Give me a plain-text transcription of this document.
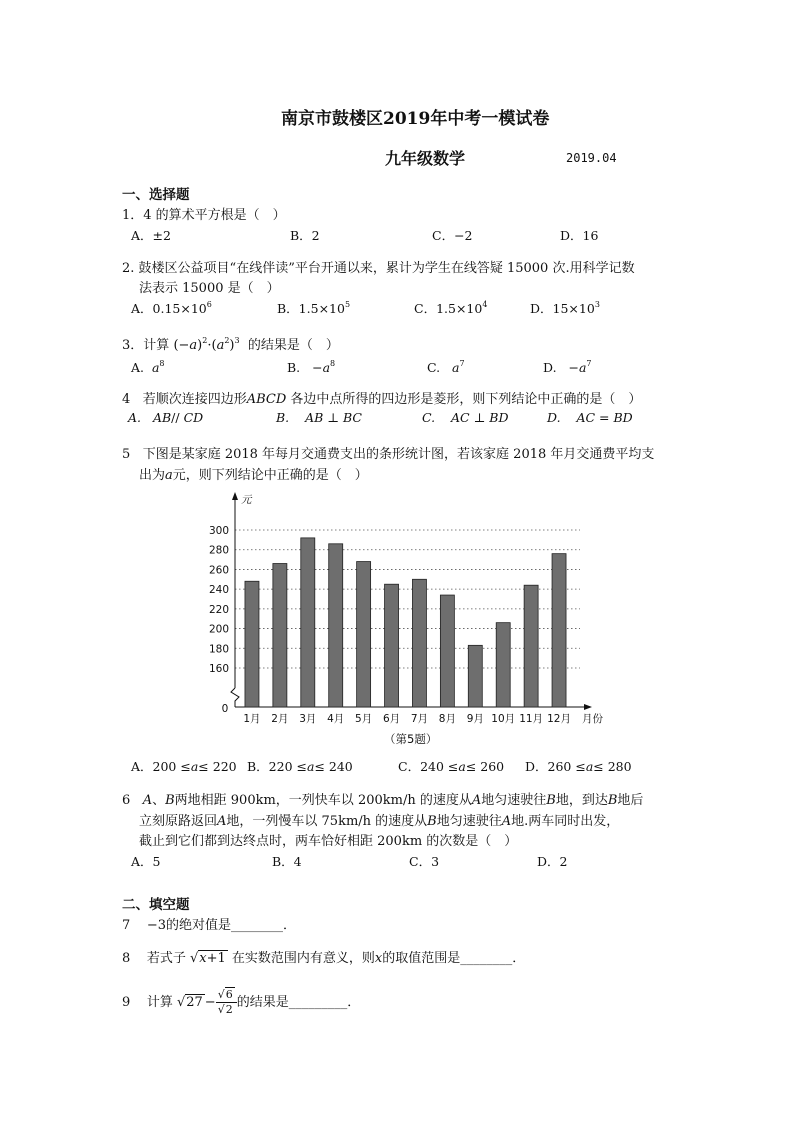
南京市鼓楼区2019年中考一模试卷
九年级数学	2019.04
一、选择题
1．4 的算术平方根是（　）
A．±2	B．2	C．−2	D．16
2. 鼓楼区公益项目“在线伴读”平台开通以来，累计为学生在线答疑 15000 次.用科学记数
法表示 15000 是（　）
A．$0.15\times 10^6$	B．$1.5\times 10^5$	C．$1.5\times 10^4$	D．$15\times 10^3$
3．计算 $(-a)^2\cdot(a^2)^3$ 的结果是（　）
A. $a^8$	B.   $-a^8$	C. $a^7$	D.   $-a^7$
4 若顺次连接四边形ABCD 各边中点所得的四边形是菱形，则下列结论中正确的是（　）
A. AB// CD	B. AB ⊥ BC	C. AC ⊥ BD	D. AC = BD
5 下图是某家庭 2018 年每月交通费支出的条形统计图，若该家庭 2018 年月交通费平均支
出为a元，则下列结论中正确的是（　）
160
180
200
220
240
260
280
300
元
0
月份
1月 2月 3月 4月 5月 6月 7月 8月 9月 10月 11月 12月
（第5题）
A．200 ≤a≤ 220 B．220 ≤a≤ 240	C．240 ≤a≤ 260 D．260 ≤a≤ 280
6 A、B两地相距 900km，一列快车以 200km/h 的速度从A地匀速驶往B地，到达B地后
立刻原路返回A地，一列慢车以 75km/h 的速度从B地匀速驶往A地.两车同时出发，
截止到它们都到达终点时，两车恰好相距 200km 的次数是（　）
A．5	B．4	C．3	D．2
二、填空题
7 −3的绝对值是________．
8 若式子 √x+1 在实数范围内有意义，则x的取值范围是________．
9 计算 $√27 - \frac{√6}{√2}$ 的结果是_________．
